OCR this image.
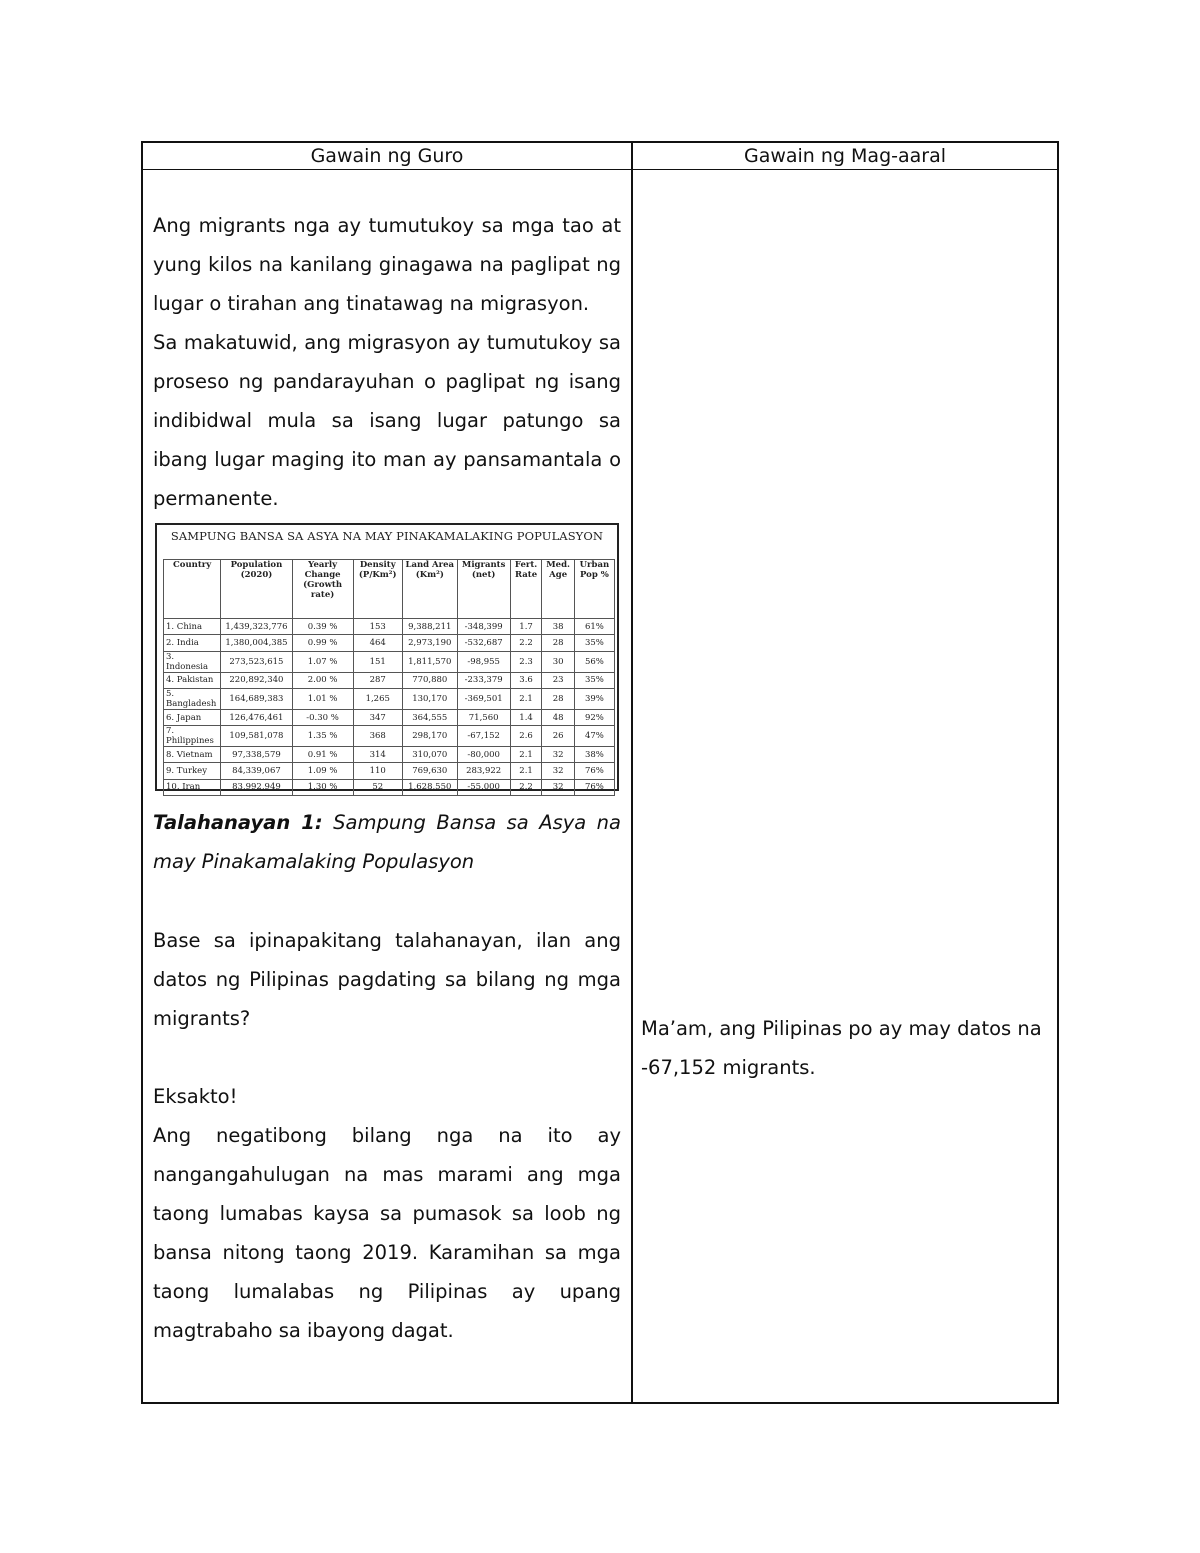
Gawain ng Guro	Gawain ng Mag-aaral

Ang migrants nga ay tumutukoy sa mga tao at yung kilos na kanilang ginagawa na paglipat ng lugar o tirahan ang tinatawag na migrasyon.

Sa makatuwid, ang migrasyon ay tumutukoy sa proseso ng pandarayuhan o paglipat ng isang indibidwal mula sa isang lugar patungo sa ibang lugar maging ito man ay pansamantala o permanente.

SAMPUNG BANSA SA ASYA NA MAY PINAKAMALAKING POPULASYON
Country	Population (2020)	Yearly Change (Growth rate)	Density (P/Km²)	Land Area (Km²)	Migrants (net)	Fert. Rate	Med. Age	Urban Pop %
1. China	1,439,323,776	0.39 %	153	9,388,211	-348,399	1.7	38	61%
2. India	1,380,004,385	0.99 %	464	2,973,190	-532,687	2.2	28	35%
3. Indonesia	273,523,615	1.07 %	151	1,811,570	-98,955	2.3	30	56%
4. Pakistan	220,892,340	2.00 %	287	770,880	-233,379	3.6	23	35%
5. Bangladesh	164,689,383	1.01 %	1,265	130,170	-369,501	2.1	28	39%
6. Japan	126,476,461	-0.30 %	347	364,555	71,560	1.4	48	92%
7. Philippines	109,581,078	1.35 %	368	298,170	-67,152	2.6	26	47%
8. Vietnam	97,338,579	0.91 %	314	310,070	-80,000	2.1	32	38%
9. Turkey	84,339,067	1.09 %	110	769,630	283,922	2.1	32	76%
10. Iran	83,992,949	1.30 %	52	1,628,550	-55,000	2.2	32	76%

Talahanayan 1: Sampung Bansa sa Asya na may Pinakamalaking Populasyon

Base sa ipinapakitang talahanayan, ilan ang datos ng Pilipinas pagdating sa bilang ng mga migrants?

Eksakto!

Ang negatibong bilang nga na ito ay nangangahulugan na mas marami ang mga taong lumabas kaysa sa pumasok sa loob ng bansa nitong taong 2019. Karamihan sa mga taong lumalabas ng Pilipinas ay upang magtrabaho sa ibayong dagat.

Ma’am, ang Pilipinas po ay may datos na -67,152 migrants.
